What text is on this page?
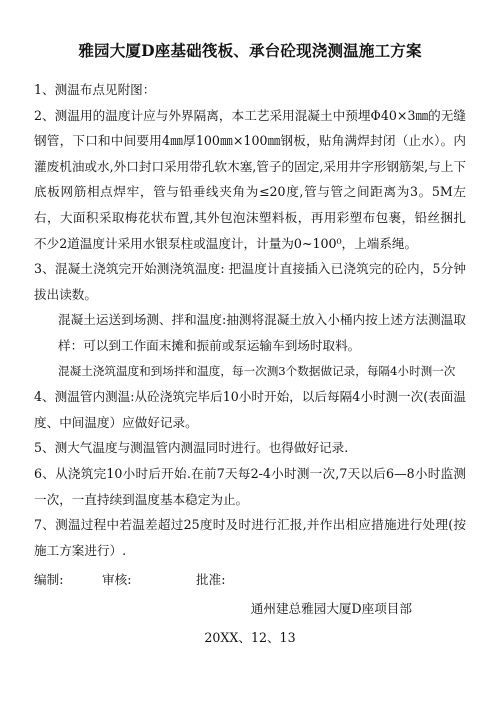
雅园大厦D座基础筏板、承台砼现浇测温施工方案

1、测温布点见附图：

2、测温用的温度计应与外界隔离，本工艺采用混凝土中预埋Φ40×3㎜的无缝钢管，下口和中间要用4㎜厚100㎜×100㎜钢板，贴角满焊封闭（止水）。内灌废机油或水,外口封口采用带孔软木塞,管子的固定,采用井字形钢筋架,与上下底板网筋相点焊牢，管与铅垂线夹角为≤20度,管与管之间距离为3。5M左右，大面积采取梅花状布置,其外包泡沫塑料板，再用彩塑布包裹，铅丝捆扎不少2道温度计采用水银泵柱或温度计，计量为0~100⁰，上端系绳。

3、混凝土浇筑完开始测浇筑温度: 把温度计直接插入已浇筑完的砼内，5分钟拔出读数。

混凝土运送到场测、拌和温度:抽测将混凝土放入小桶内按上述方法测温取样：可以到工作面末摊和振前或泵运输车到场时取料。

混凝土浇筑温度和到场拌和温度，每一次测3个数据做记录，每隔4小时测一次

4、测温管内测温:从砼浇筑完毕后10小时开始，以后每隔4小时测一次(表面温度、中间温度）应做好记录。

5、测大气温度与测温管内测温同时进行。也得做好记录.

6、从浇筑完10小时后开始.在前7天每2-4小时测一次,7天以后6—8小时监测一次，一直持续到温度基本稳定为止。

7、测温过程中若温差超过25度时及时进行汇报,并作出相应措施进行处理(按施工方案进行）.

编制:	审核:	批准:
通州建总雅园大厦D座项目部
20XX、12、13
